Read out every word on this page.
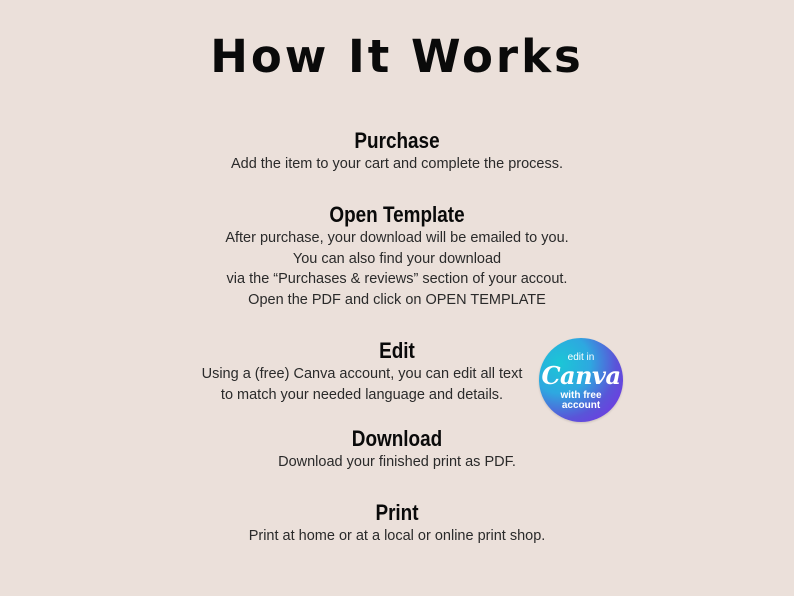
How It Works
Purchase

Add the item to your cart and complete the process.

Open Template

After purchase, your download will be emailed to you.
You can also find your download
via the “Purchases & reviews” section of your accout.
Open the PDF and click on OPEN TEMPLATE

Edit

Using a (free) Canva account, you can edit all text
to match your needed language and details.

edit in
Canva
with free
account
Download

Download your finished print as PDF.

Print

Print at home or at a local or online print shop.
